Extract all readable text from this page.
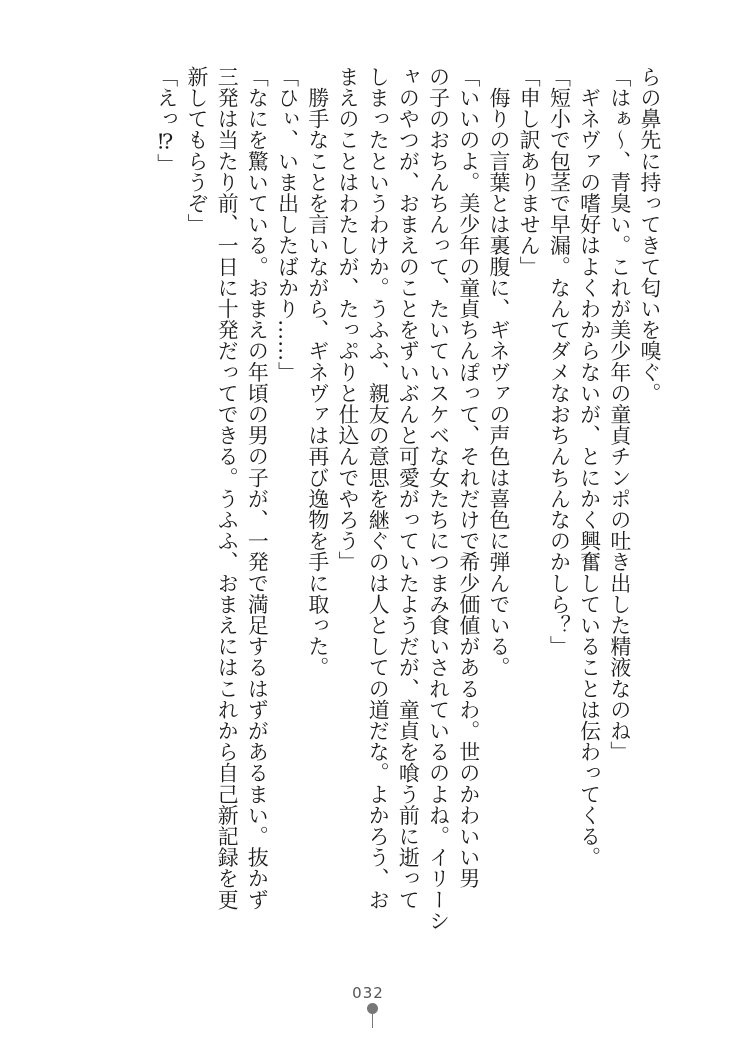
らの鼻先に持ってきて匂いを嗅ぐ。
「はぁ～、青臭い。これが美少年の童貞チンポの吐き出した精液なのね」
　ギネヴァの嗜好はよくわからないが、とにかく興奮していることは伝わってくる。
「短小で包茎で早漏。なんてダメなおちんちんなのかしら？」
「申し訳ありません」
　侮りの言葉とは裏腹に、ギネヴァの声色は喜色に弾んでいる。
「いいのよ。美少年の童貞ちんぽって、それだけで希少価値があるわ。世のかわいい男
の子のおちんちんって、たいていスケベな女たちにつまみ食いされているのよね。イリーシ
ャのやつが、おまえのことをずいぶんと可愛がっていたようだが、童貞を喰う前に逝って
しまったというわけか。うふふ、親友の意思を継ぐのは人としての道だな。よかろう、お
まえのことはわたしが、たっぷりと仕込んでやろう」
　勝手なことを言いながら、ギネヴァは再び逸物を手に取った。
「ひぃ、いま出したばかり……」
「なにを驚いている。おまえの年頃の男の子が、一発で満足するはずがあるまい。抜かず
三発は当たり前、一日に十発だってできる。うふふ、おまえにはこれから自己新記録を更
新してもらうぞ」
「えっ⁉」
032
